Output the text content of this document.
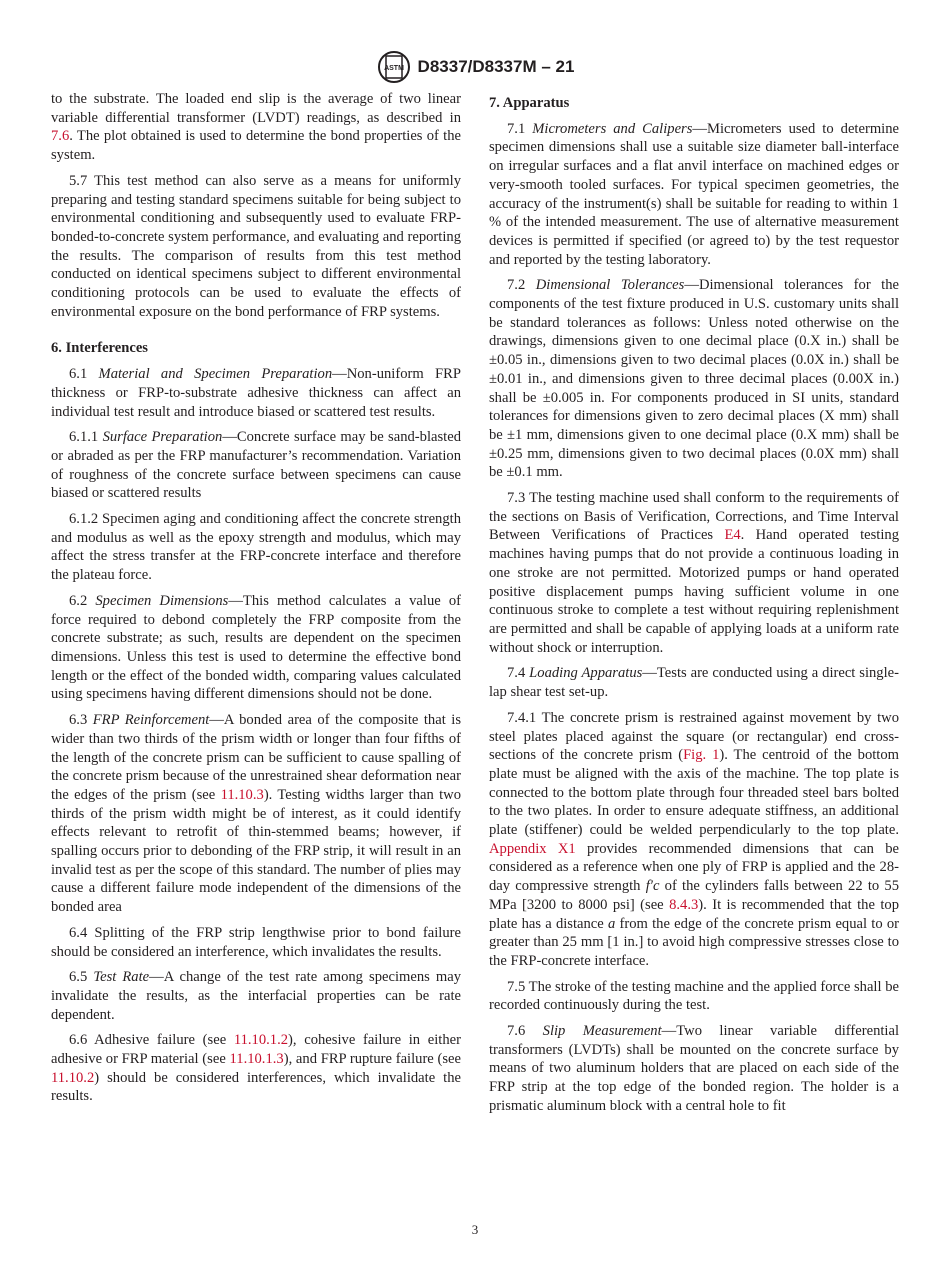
ASTM D8337/D8337M – 21

to the substrate. The loaded end slip is the average of two linear variable differential transformer (LVDT) readings, as described in 7.6. The plot obtained is used to determine the bond properties of the system.

5.7 This test method can also serve as a means for uniformly preparing and testing standard specimens suitable for being subject to environmental conditioning and subsequently used to evaluate FRP-bonded-to-concrete system performance, and evaluating and reporting the results. The comparison of results from this test method conducted on identical specimens subject to different environmental conditioning protocols can be used to evaluate the effects of environmental exposure on the bond performance of FRP systems.

6. Interferences

6.1 Material and Specimen Preparation—Non-uniform FRP thickness or FRP-to-substrate adhesive thickness can affect an individual test result and introduce biased or scattered test results.

6.1.1 Surface Preparation—Concrete surface may be sand-blasted or abraded as per the FRP manufacturer’s recommendation. Variation of roughness of the concrete surface between specimens can cause biased or scattered results

6.1.2 Specimen aging and conditioning affect the concrete strength and modulus as well as the epoxy strength and modulus, which may affect the stress transfer at the FRP-concrete interface and therefore the plateau force.

6.2 Specimen Dimensions—This method calculates a value of force required to debond completely the FRP composite from the concrete substrate; as such, results are dependent on the specimen dimensions. Unless this test is used to determine the effective bond length or the effect of the bonded width, comparing values calculated using specimens having different dimensions should not be done.

6.3 FRP Reinforcement—A bonded area of the composite that is wider than two thirds of the prism width or longer than four fifths of the length of the concrete prism can be sufficient to cause spalling of the concrete prism because of the unrestrained shear deformation near the edges of the prism (see 11.10.3). Testing widths larger than two thirds of the prism width might be of interest, as it could identify effects relevant to retrofit of thin-stemmed beams; however, if spalling occurs prior to debonding of the FRP strip, it will result in an invalid test as per the scope of this standard. The number of plies may cause a different failure mode independent of the dimensions of the bonded area

6.4 Splitting of the FRP strip lengthwise prior to bond failure should be considered an interference, which invalidates the results.

6.5 Test Rate—A change of the test rate among specimens may invalidate the results, as the interfacial properties can be rate dependent.

6.6 Adhesive failure (see 11.10.1.2), cohesive failure in either adhesive or FRP material (see 11.10.1.3), and FRP rupture failure (see 11.10.2) should be considered interferences, which invalidate the results.

7. Apparatus

7.1 Micrometers and Calipers—Micrometers used to determine specimen dimensions shall use a suitable size diameter ball-interface on irregular surfaces and a flat anvil interface on machined edges or very-smooth tooled surfaces. For typical specimen geometries, the accuracy of the instrument(s) shall be suitable for reading to within 1 % of the intended measurement. The use of alternative measurement devices is permitted if specified (or agreed to) by the test requestor and reported by the testing laboratory.

7.2 Dimensional Tolerances—Dimensional tolerances for the components of the test fixture produced in U.S. customary units shall be standard tolerances as follows: Unless noted otherwise on the drawings, dimensions given to one decimal place (0.X in.) shall be ±0.05 in., dimensions given to two decimal places (0.0X in.) shall be ±0.01 in., and dimensions given to three decimal places (0.00X in.) shall be ±0.005 in. For components produced in SI units, standard tolerances for dimensions given to zero decimal places (X mm) shall be ±1 mm, dimensions given to one decimal place (0.X mm) shall be ±0.25 mm, dimensions given to two decimal places (0.0X mm) shall be ±0.1 mm.

7.3 The testing machine used shall conform to the requirements of the sections on Basis of Verification, Corrections, and Time Interval Between Verifications of Practices E4. Hand operated testing machines having pumps that do not provide a continuous loading in one stroke are not permitted. Motorized pumps or hand operated positive displacement pumps having sufficient volume in one continuous stroke to complete a test without requiring replenishment are permitted and shall be capable of applying loads at a uniform rate without shock or interruption.

7.4 Loading Apparatus—Tests are conducted using a direct single-lap shear test set-up.

7.4.1 The concrete prism is restrained against movement by two steel plates placed against the square (or rectangular) end cross-sections of the concrete prism (Fig. 1). The centroid of the bottom plate must be aligned with the axis of the machine. The top plate is connected to the bottom plate through four threaded steel bars bolted to the two plates. In order to ensure adequate stiffness, an additional plate (stiffener) could be welded perpendicularly to the top plate. Appendix X1 provides recommended dimensions that can be considered as a reference when one ply of FRP is applied and the 28-day compressive strength f′c of the cylinders falls between 22 to 55 MPa [3200 to 8000 psi] (see 8.4.3). It is recommended that the top plate has a distance a from the edge of the concrete prism equal to or greater than 25 mm [1 in.] to avoid high compressive stresses close to the FRP-concrete interface.

7.5 The stroke of the testing machine and the applied force shall be recorded continuously during the test.

7.6 Slip Measurement—Two linear variable differential transformers (LVDTs) shall be mounted on the concrete surface by means of two aluminum holders that are placed on each side of the FRP strip at the top edge of the bonded region. The holder is a prismatic aluminum block with a central hole to fit

3
